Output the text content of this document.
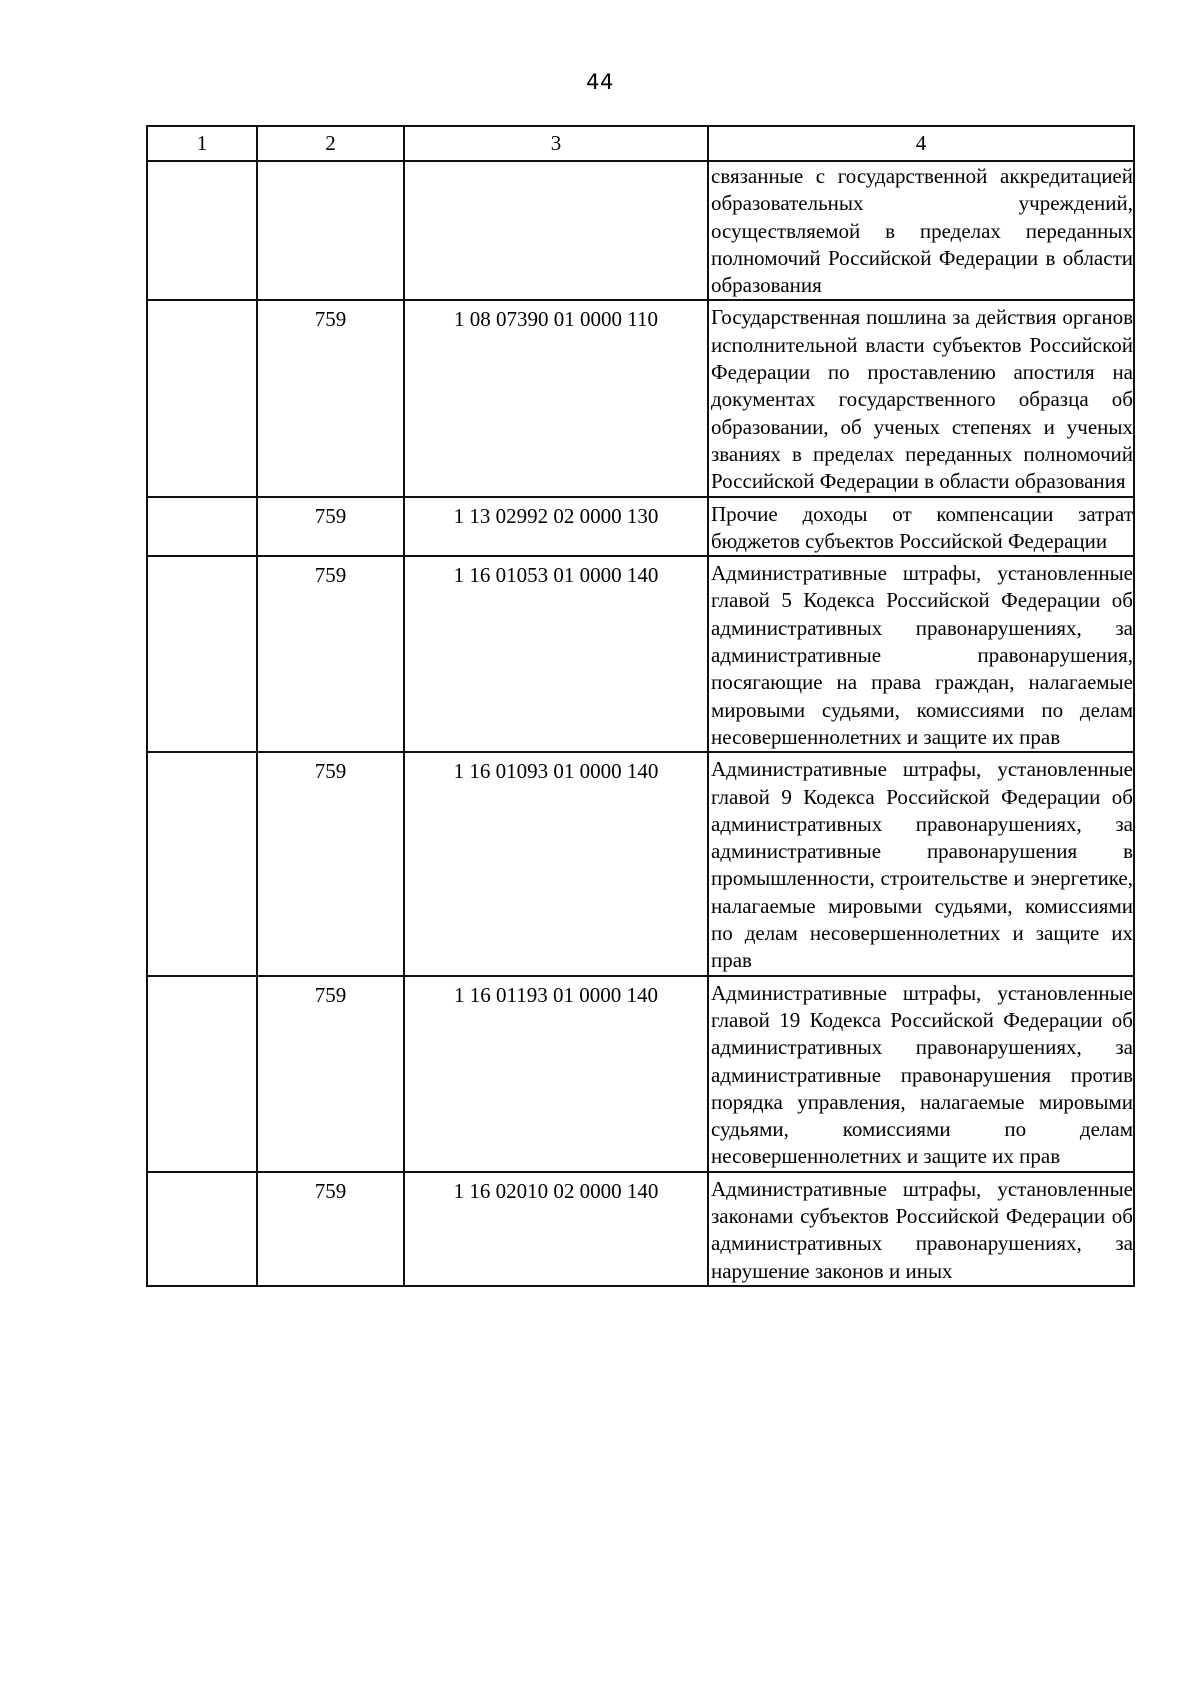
44
1	2	3	4
			связанные с государственной аккредитацией образовательных учреждений, осуществляемой в пределах переданных полномочий Российской Федерации в области образования
	759	1 08 07390 01 0000 110	Государственная пошлина за действия органов исполнительной власти субъектов Российской Федерации по проставлению апостиля на документах государственного образца об образовании, об ученых степенях и ученых званиях в пределах переданных полномочий Российской Федерации в области образования
	759	1 13 02992 02 0000 130	Прочие доходы от компенсации затрат бюджетов субъектов Российской Федерации
	759	1 16 01053 01 0000 140	Административные штрафы, установленные главой 5 Кодекса Российской Федерации об административных правонарушениях, за административные правонарушения, посягающие на права граждан, налагаемые мировыми судьями, комиссиями по делам несовершеннолетних и защите их прав
	759	1 16 01093 01 0000 140	Административные штрафы, установленные главой 9 Кодекса Российской Федерации об административных правонарушениях, за административные правонарушения в промышленности, строительстве и энергетике, налагаемые мировыми судьями, комиссиями по делам несовершеннолетних и защите их прав
	759	1 16 01193 01 0000 140	Административные штрафы, установленные главой 19 Кодекса Российской Федерации об административных правонарушениях, за административные правонарушения против порядка управления, налагаемые мировыми судьями, комиссиями по делам несовершеннолетних и защите их прав
	759	1 16 02010 02 0000 140	Административные штрафы, установленные законами субъектов Российской Федерации об административных правонарушениях, за нарушение законов и иных
